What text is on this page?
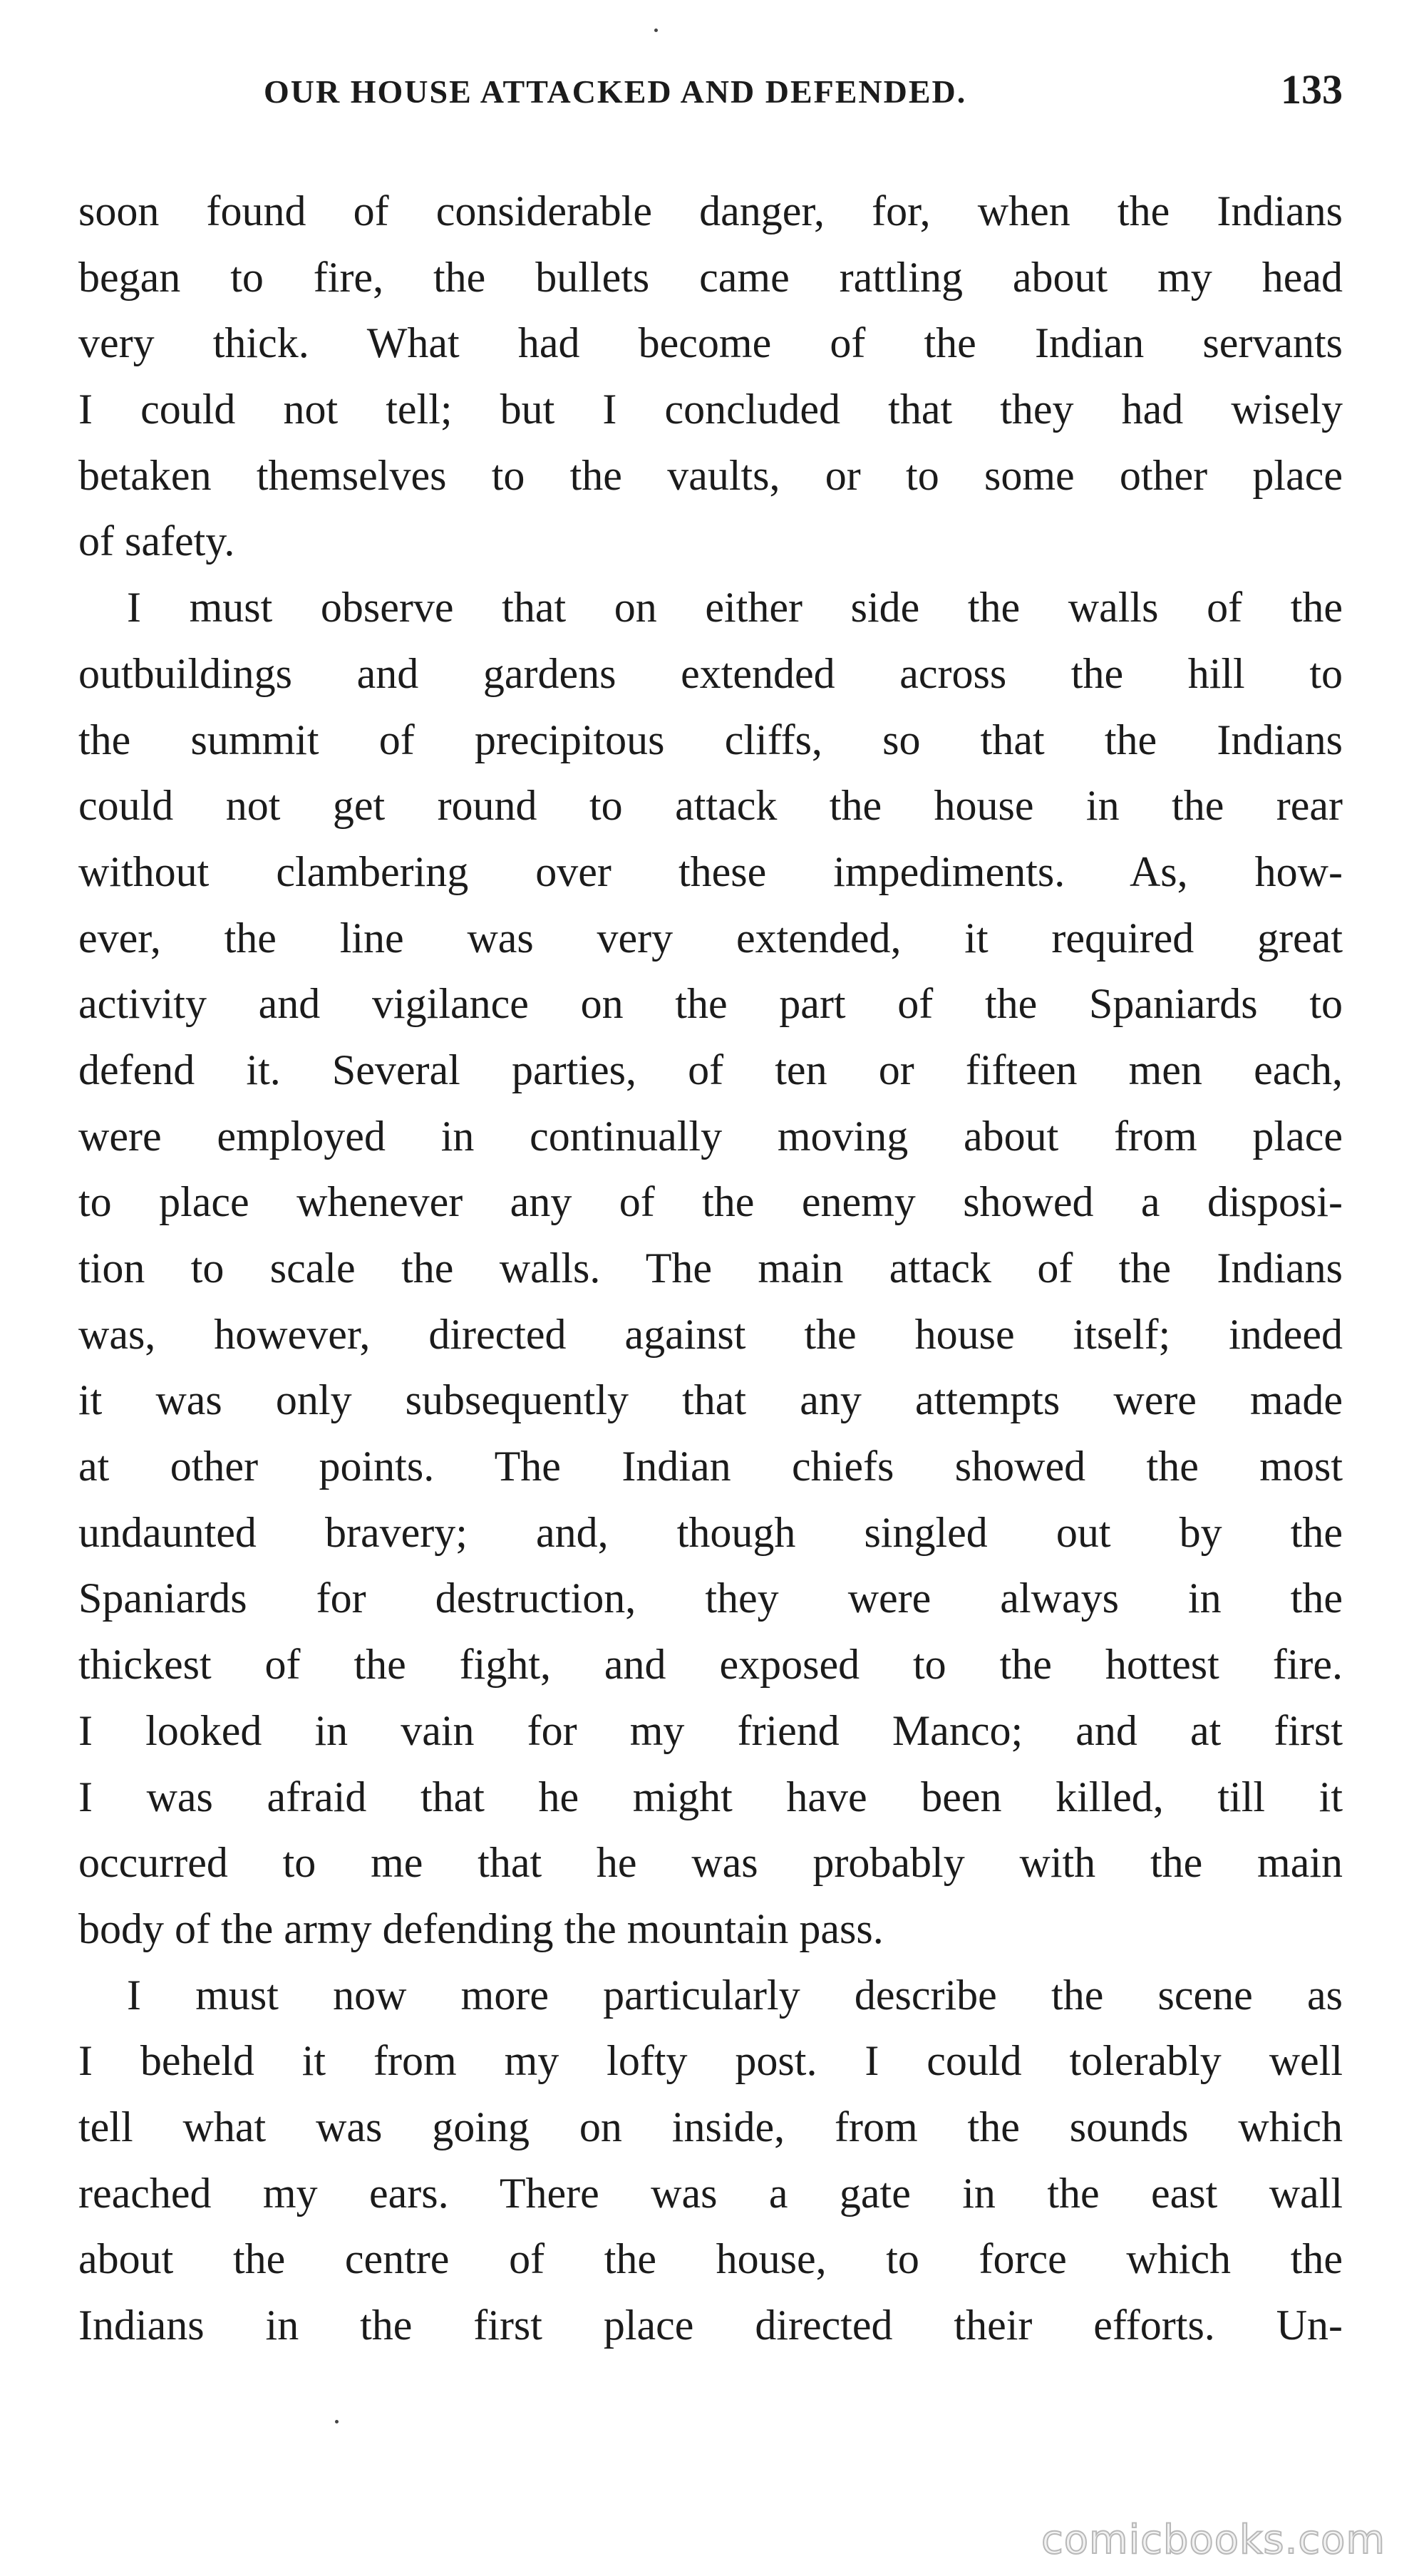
OUR HOUSE ATTACKED AND DEFENDED.	133
soon found of considerable danger, for, when the Indians
began to fire, the bullets came rattling about my head
very thick. What had become of the Indian servants
I could not tell; but I concluded that they had wisely
betaken themselves to the vaults, or to some other place
of safety.
I must observe that on either side the walls of the
outbuildings and gardens extended across the hill to
the summit of precipitous cliffs, so that the Indians
could not get round to attack the house in the rear
without clambering over these impediments. As, how-
ever, the line was very extended, it required great
activity and vigilance on the part of the Spaniards to
defend it. Several parties, of ten or fifteen men each,
were employed in continually moving about from place
to place whenever any of the enemy showed a disposi-
tion to scale the walls. The main attack of the Indians
was, however, directed against the house itself; indeed
it was only subsequently that any attempts were made
at other points. The Indian chiefs showed the most
undaunted bravery; and, though singled out by the
Spaniards for destruction, they were always in the
thickest of the fight, and exposed to the hottest fire.
I looked in vain for my friend Manco; and at first
I was afraid that he might have been killed, till it
occurred to me that he was probably with the main
body of the army defending the mountain pass.
I must now more particularly describe the scene as
I beheld it from my lofty post. I could tolerably well
tell what was going on inside, from the sounds which
reached my ears. There was a gate in the east wall
about the centre of the house, to force which the
Indians in the first place directed their efforts. Un-
comicbooks.com
